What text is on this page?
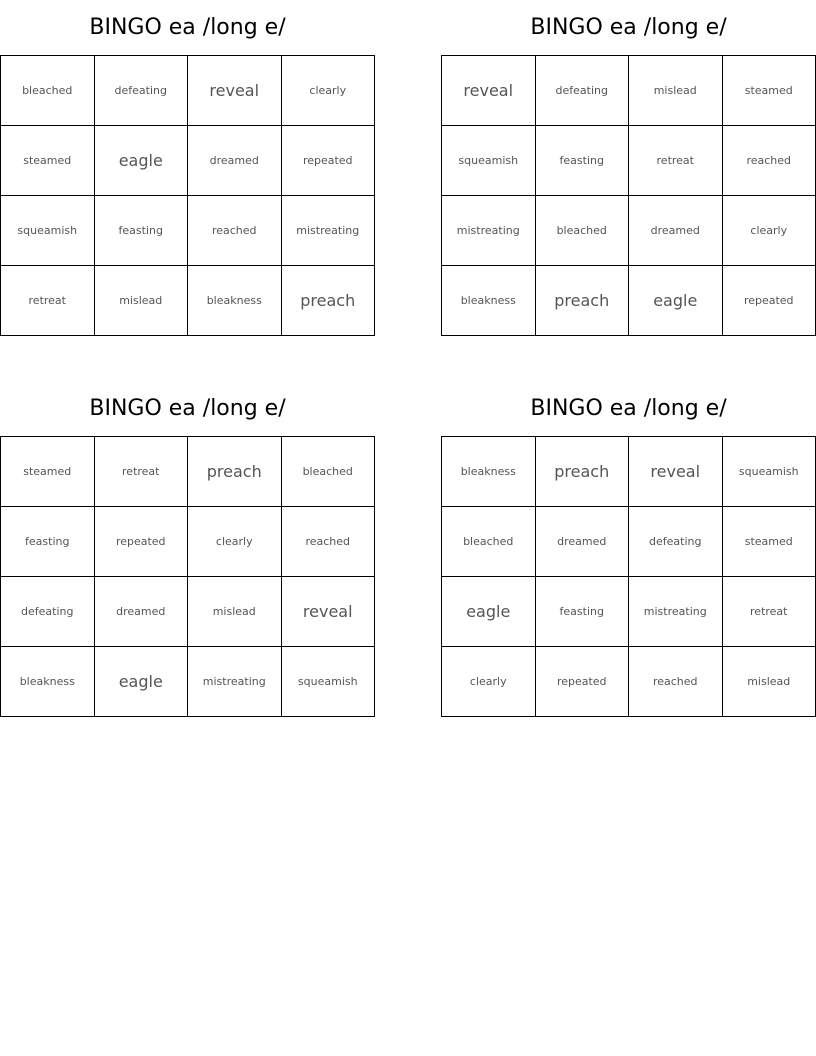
BINGO ea /long e/
bleached	defeating	reveal	clearly
steamed	eagle	dreamed	repeated
squeamish	feasting	reached	mistreating
retreat	mislead	bleakness	preach
BINGO ea /long e/
reveal	defeating	mislead	steamed
squeamish	feasting	retreat	reached
mistreating	bleached	dreamed	clearly
bleakness	preach	eagle	repeated
BINGO ea /long e/
steamed	retreat	preach	bleached
feasting	repeated	clearly	reached
defeating	dreamed	mislead	reveal
bleakness	eagle	mistreating	squeamish
BINGO ea /long e/
bleakness	preach	reveal	squeamish
bleached	dreamed	defeating	steamed
eagle	feasting	mistreating	retreat
clearly	repeated	reached	mislead
